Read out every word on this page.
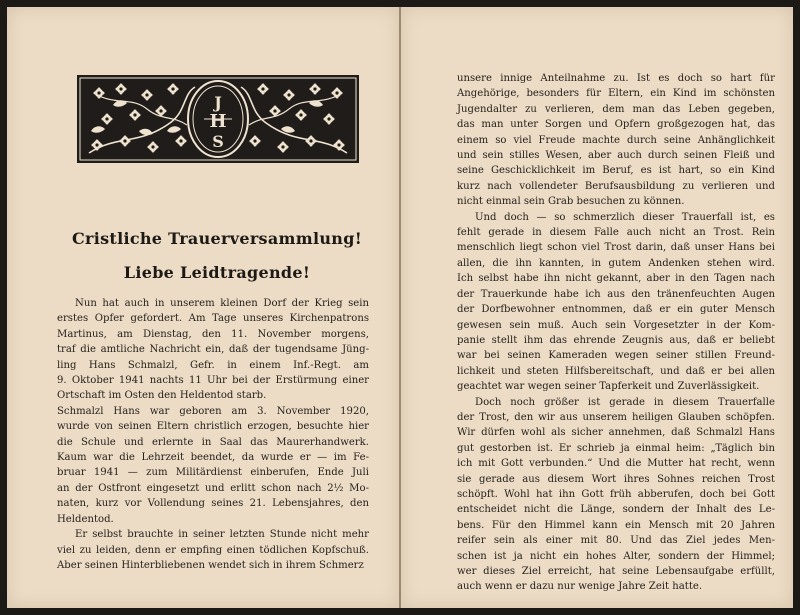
J
H
S
Cristliche Trauerversammlung!
Liebe Leidtragende!

Nun hat auch in unserem kleinen Dorf der Krieg sein
erstes Opfer gefordert. Am Tage unseres Kirchenpatrons
Martinus, am Dienstag, den 11. November morgens,
traf die amtliche Nachricht ein, daß der tugendsame Jüng-
ling Hans Schmalzl, Gefr. in einem Inf.-Regt. am
9. Oktober 1941 nachts 11 Uhr bei der Erstürmung einer
Ortschaft im Osten den Heldentod starb.

Schmalzl Hans war geboren am 3. November 1920,
wurde von seinen Eltern christlich erzogen, besuchte hier
die Schule und erlernte in Saal das Maurerhandwerk.
Kaum war die Lehrzeit beendet, da wurde er — im Fe-
bruar 1941 — zum Militärdienst einberufen, Ende Juli
an der Ostfront eingesetzt und erlitt schon nach 2½ Mo-
naten, kurz vor Vollendung seines 21. Lebensjahres, den
Heldentod.

Er selbst brauchte in seiner letzten Stunde nicht mehr
viel zu leiden, denn er empfing einen tödlichen Kopfschuß.
Aber seinen Hinterbliebenen wendet sich in ihrem Schmerz

unsere innige Anteilnahme zu. Ist es doch so hart für
Angehörige, besonders für Eltern, ein Kind im schönsten
Jugendalter zu verlieren, dem man das Leben gegeben,
das man unter Sorgen und Opfern großgezogen hat, das
einem so viel Freude machte durch seine Anhänglichkeit
und sein stilles Wesen, aber auch durch seinen Fleiß und
seine Geschicklichkeit im Beruf, es ist hart, so ein Kind
kurz nach vollendeter Berufsausbildung zu verlieren und
nicht einmal sein Grab besuchen zu können.

Und doch — so schmerzlich dieser Trauerfall ist, es
fehlt gerade in diesem Falle auch nicht an Trost. Rein
menschlich liegt schon viel Trost darin, daß unser Hans bei
allen, die ihn kannten, in gutem Andenken stehen wird.
Ich selbst habe ihn nicht gekannt, aber in den Tagen nach
der Trauerkunde habe ich aus den tränenfeuchten Augen
der Dorfbewohner entnommen, daß er ein guter Mensch
gewesen sein muß. Auch sein Vorgesetzter in der Kom-
panie stellt ihm das ehrende Zeugnis aus, daß er beliebt
war bei seinen Kameraden wegen seiner stillen Freund-
lichkeit und steten Hilfsbereitschaft, und daß er bei allen
geachtet war wegen seiner Tapferkeit und Zuverlässigkeit.

Doch noch größer ist gerade in diesem Trauerfalle
der Trost, den wir aus unserem heiligen Glauben schöpfen.
Wir dürfen wohl als sicher annehmen, daß Schmalzl Hans
gut gestorben ist. Er schrieb ja einmal heim: „Täglich bin
ich mit Gott verbunden.“ Und die Mutter hat recht, wenn
sie gerade aus diesem Wort ihres Sohnes reichen Trost
schöpft. Wohl hat ihn Gott früh abberufen, doch bei Gott
entscheidet nicht die Länge, sondern der Inhalt des Le-
bens. Für den Himmel kann ein Mensch mit 20 Jahren
reifer sein als einer mit 80. Und das Ziel jedes Men-
schen ist ja nicht ein hohes Alter, sondern der Himmel;
wer dieses Ziel erreicht, hat seine Lebensaufgabe erfüllt,
auch wenn er dazu nur wenige Jahre Zeit hatte.
